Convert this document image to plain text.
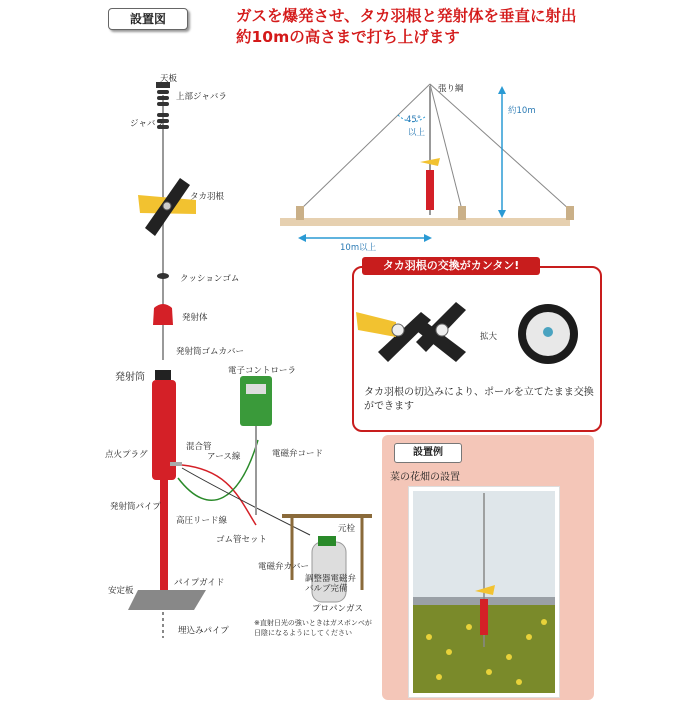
設置図	ガスを爆発させ、タカ羽根と発射体を垂直に射出
約10mの高さまで打ち上げます
天板
上部ジャバラ
ジャバラ
タカ羽根
クッションゴム
発射体
発射筒ゴムカバー
発射筒
点火プラグ
混合管
発射筒パイプ
高圧リード線
ゴム管セット
アース線
電子コントローラ
電磁弁コード
元栓
電磁弁カバー
調整器電磁弁
バルブ完備
プロパンガス
安定板
パイプガイド
埋込みパイプ
※直射日光の強いときはガスボンベが
日陰になるようにしてください
張り綱
約10m
45°
以上
10m以上
タカ羽根の交換がカンタン!
拡大
タカ羽根の切込みにより、ポールを立てたまま交換ができます
設置例
菜の花畑の設置
